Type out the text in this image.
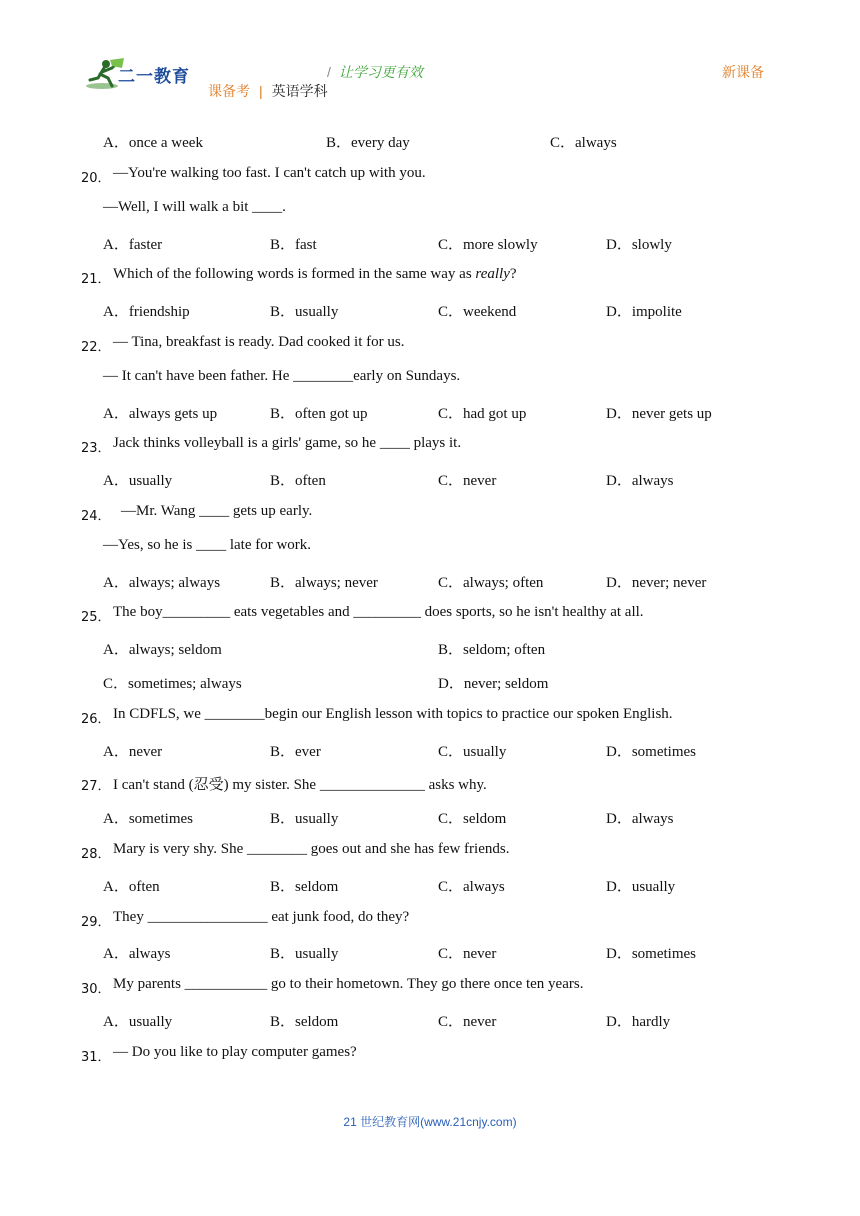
二一教育	/ 让学习更有效	新课备
课备考 | 英语学科
A．once a week	B．every day	C．always
20． —You're walking too fast. I can't catch up with you.
—Well, I will walk a bit ____.
A．faster	B．fast	C．more slowly	D．slowly
21． Which of the following words is formed in the same way as really?
A．friendship	B．usually	C．weekend	D．impolite
22． — Tina, breakfast is ready. Dad cooked it for us.
— It can't have been father. He ________early on Sundays.
A．always gets up	B．often got up	C．had got up	D．never gets up
23． Jack thinks volleyball is a girls' game, so he ____ plays it.
A．usually	B．often	C．never	D．always
24． —Mr. Wang ____ gets up early.
—Yes, so he is ____ late for work.
A．always; always	B．always; never	C．always; often	D．never; never
25． The boy_________ eats vegetables and _________ does sports, so he isn't healthy at all.
A．always; seldom	B．seldom; often
C．sometimes; always	D．never; seldom
26． In CDFLS, we ________begin our English lesson with topics to practice our spoken English.
A．never	B．ever	C．usually	D．sometimes
27． I can't stand (忍受) my sister. She ______________ asks why.
A．sometimes	B．usually	C．seldom	D．always
28． Mary is very shy. She ________ goes out and she has few friends.
A．often	B．seldom	C．always	D．usually
29． They ________________ eat junk food, do they?
A．always	B．usually	C．never	D．sometimes
30． My parents ___________ go to their hometown. They go there once ten years.
A．usually	B．seldom	C．never	D．hardly
31． — Do you like to play computer games?
21 世纪教育网(www.21cnjy.com)
